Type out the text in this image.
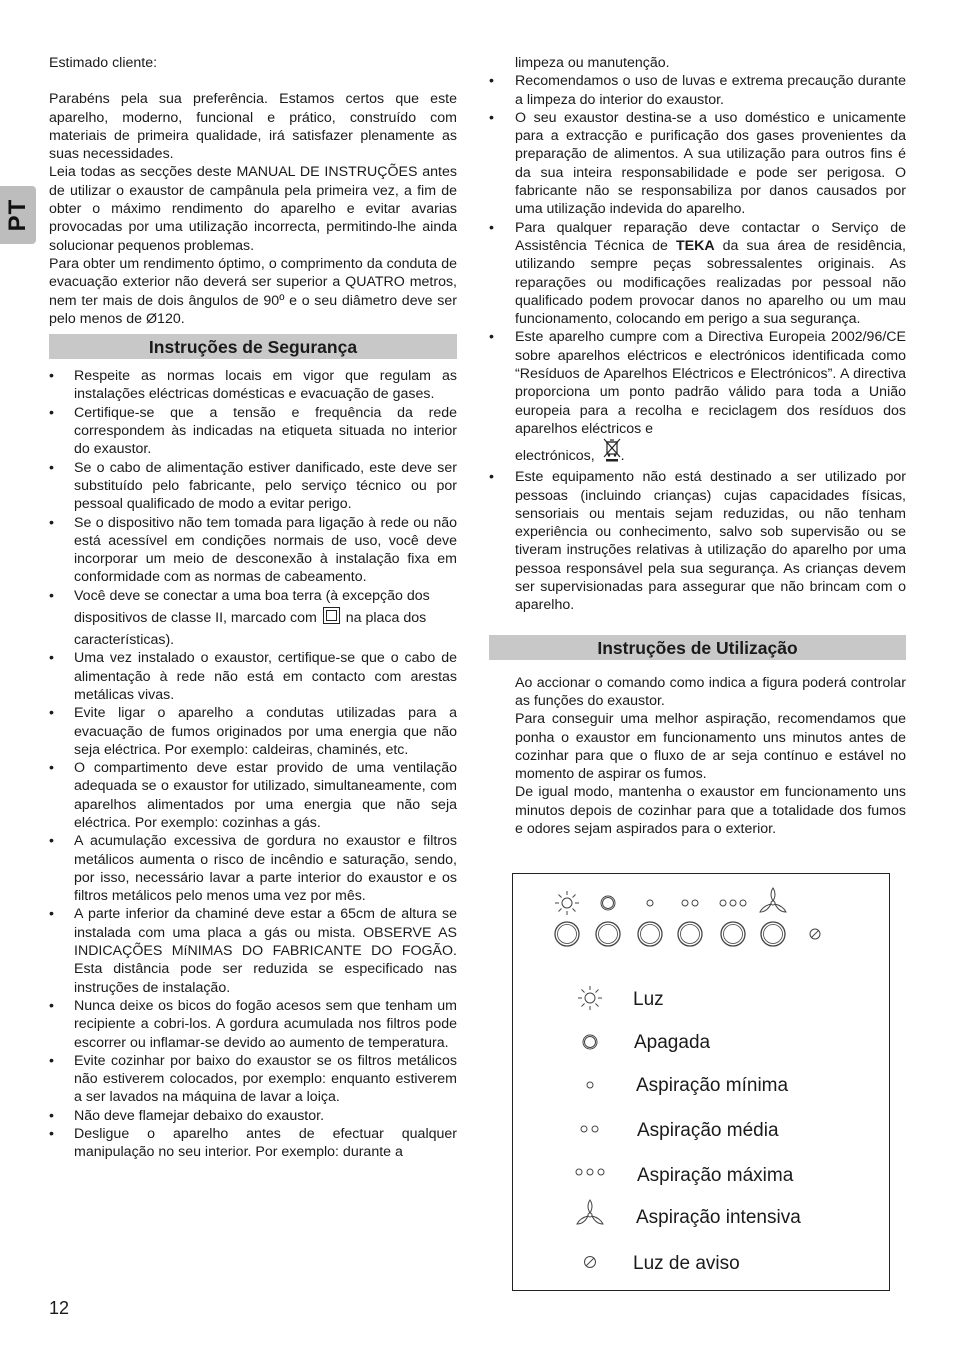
PT

Estimado cliente:

Parabéns pela sua preferência. Estamos certos que este aparelho, moderno, funcional e prático, construído com materiais de primeira qualidade, irá satisfazer plenamente as suas necessidades.

Leia todas as secções deste MANUAL DE INSTRUÇÕES antes de utilizar o exaustor de campânula pela primeira vez, a fim de obter o máximo rendimento do aparelho e evitar avarias provocadas por uma utilização incorrecta, permitindo-lhe ainda solucionar pequenos problemas.

Para obter um rendimento óptimo, o comprimento da conduta de evacuação exterior não deverá ser superior a QUATRO metros, nem ter mais de dois ângulos de 90º e o seu diâmetro deve ser pelo menos de Ø120.

Instruções de Segurança
• Respeite as normas locais em vigor que regulam as instalações eléctricas domésticas e evacuação de gases.
• Certifique-se que a tensão e frequência da rede correspondem às indicadas na etiqueta situada no interior do exaustor.
• Se o cabo de alimentação estiver danificado, este deve ser substituído pelo fabricante, pelo serviço técnico ou por pessoal qualificado de modo a evitar perigo.
• Se o dispositivo não tem tomada para ligação à rede ou não está acessível em condições normais de uso, você deve incorporar um meio de desconexão à instalação fixa em conformidade com as normas de cabeamento.
• Você deve se conectar a uma boa terra (à excepção dos
dispositivos de classe II, marcado com na placa dos
características).
• Uma vez instalado o exaustor, certifique-se que o cabo de alimentação à rede não está em contacto com arestas metálicas vivas.
• Evite ligar o aparelho a condutas utilizadas para a evacuação de fumos originados por uma energia que não seja eléctrica. Por exemplo: caldeiras, chaminés, etc.
• O compartimento deve estar provido de uma ventilação adequada se o exaustor for utilizado, simultaneamente, com aparelhos alimentados por uma energia que não seja eléctrica. Por exemplo: cozinhas a gás.
• A acumulação excessiva de gordura no exaustor e filtros metálicos aumenta o risco de incêndio e saturação, sendo, por isso, necessário lavar a parte interior do exaustor e os filtros metálicos pelo menos uma vez por mês.
• A parte inferior da chaminé deve estar a 65cm de altura se instalada com uma placa a gás ou mista. OBSERVE AS INDICAÇÕES MíNIMAS DO FABRICANTE DO FOGÃO. Esta distância pode ser reduzida se especificado nas instruções de instalação.
• Nunca deixe os bicos do fogão acesos sem que tenham um recipiente a cobri-los. A gordura acumulada nos filtros pode escorrer ou inflamar-se devido ao aumento de temperatura.
• Evite cozinhar por baixo do exaustor se os filtros metálicos não estiverem colocados, por exemplo: enquanto estiverem a ser lavados na máquina de lavar a loiça.
• Não deve flamejar debaixo do exaustor.
• Desligue o aparelho antes de efectuar qualquer manipulação no seu interior. Por exemplo: durante a

limpeza ou manutenção.

• Recomendamos o uso de luvas e extrema precaução durante a limpeza do interior do exaustor.
• O seu exaustor destina-se a uso doméstico e unicamente para a extracção e purificação dos gases provenientes da preparação de alimentos. A sua utilização para outros fins é da sua inteira responsabilidade e pode ser perigosa. O fabricante não se responsabiliza por danos causados por uma utilização indevida do aparelho.
• Para qualquer reparação deve contactar o Serviço de Assistência Técnica de TEKA da sua área de residência, utilizando sempre peças sobressalentes originais. As reparações ou modificações realizadas por pessoal não qualificado podem provocar danos no aparelho ou um mau funcionamento, colocando em perigo a sua segurança.
• Este aparelho cumpre com a Directiva Europeia 2002/96/CE sobre aparelhos eléctricos e electrónicos identificada como “Resíduos de Aparelhos Eléctricos e Electrónicos”. A directiva proporciona um ponto padrão válido para toda a União europeia para a recolha e reciclagem dos resíduos dos aparelhos eléctricos e
electrónicos, .
• Este equipamento não está destinado a ser utilizado por pessoas (incluindo crianças) cujas capacidades físicas, sensoriais ou mentais sejam reduzidas, ou não tenham experiência ou conhecimento, salvo sob supervisão ou se tiveram instruções relativas à utilização do aparelho por uma pessoa responsável pela sua segurança. As crianças devem ser supervisionadas para assegurar que não brincam com o aparelho.
Instruções de Utilização

Ao accionar o comando como indica a figura poderá controlar as funções do exaustor.

Para conseguir uma melhor aspiração, recomendamos que ponha o exaustor em funcionamento uns minutos antes de cozinhar para que o fluxo de ar seja contínuo e estável no momento de aspirar os fumos.

De igual modo, mantenha o exaustor em funcionamento uns minutos depois de cozinhar para que a totalidade dos fumos e odores sejam aspirados para o exterior.

Luz
Apagada
Aspiração mínima
Aspiração média
Aspiração máxima
Aspiração intensiva
Luz de aviso
12
